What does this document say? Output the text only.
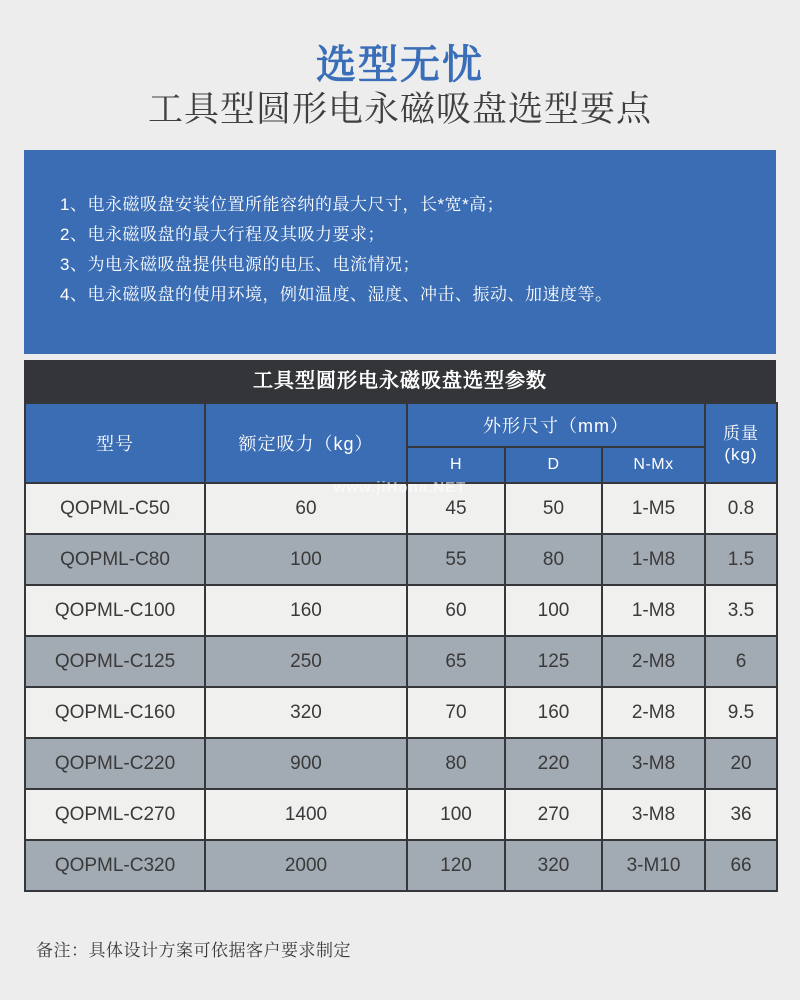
选型无忧
工具型圆形电永磁吸盘选型要点
1、电永磁吸盘安装位置所能容纳的最大尺寸，长*宽*高；
2、电永磁吸盘的最大行程及其吸力要求；
3、为电永磁吸盘提供电源的电压、电流情况；
4、电永磁吸盘的使用环境，例如温度、湿度、冲击、振动、加速度等。
工具型圆形电永磁吸盘选型参数
型号	额定吸力（kg）	外形尺寸（mm）			质量
(kg)
		H	D	N-Mx	
QOPML-C50	60	45	50	1-M5	0.8
QOPML-C80	100	55	80	1-M8	1.5
QOPML-C100	160	60	100	1-M8	3.5
QOPML-C125	250	65	125	2-M8	6
QOPML-C160	320	70	160	2-M8	9.5
QOPML-C220	900	80	220	3-M8	20
QOPML-C270	1400	100	270	3-M8	36
QOPML-C320	2000	120	320	3-M10	66
www.jiHona.NET
备注：具体设计方案可依据客户要求制定
